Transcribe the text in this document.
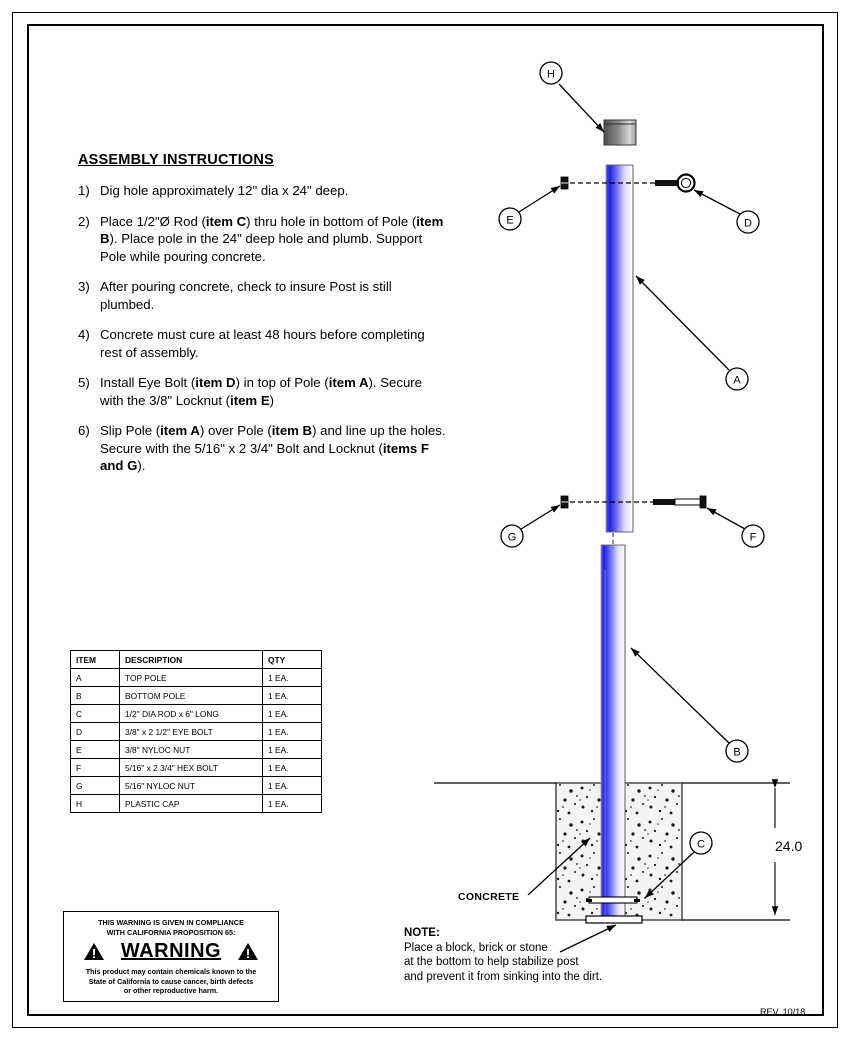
ASSEMBLY INSTRUCTIONS
1) Dig hole approximately 12" dia x 24" deep.
2) Place 1/2"Ø Rod (item C) thru hole in bottom of Pole (item B). Place pole in the 24" deep hole and plumb. Support Pole while pouring concrete.
3) After pouring concrete, check to insure Post is still plumbed.
4) Concrete must cure at least 48 hours before completing rest of assembly.
5) Install Eye Bolt (item D) in top of Pole (item A). Secure with the 3/8" Locknut (item E)
6) Slip Pole (item A) over Pole (item B) and line up the holes. Secure with the 5/16" x 2 3/4" Bolt and Locknut (items F and G).
ITEM	DESCRIPTION	QTY
A	TOP POLE	1 EA.
B	BOTTOM POLE	1 EA.
C	1/2" DIA ROD x 6" LONG	1 EA.
D	3/8" x 2 1/2" EYE BOLT	1 EA.
E	3/8" NYLOC NUT	1 EA.
F	5/16" x 2 3/4" HEX BOLT	1 EA.
G	5/16" NYLOC NUT	1 EA.
H	PLASTIC CAP	1 EA.
THIS WARNING IS GIVEN IN COMPLIANCE
WITH CALIFORNIA PROPOSITION 65:
WARNING
This product may contain chemicals known to the
State of California to cause cancer, birth defects
or other reproductive harm.
NOTE:
Place a block, brick or stone
at the bottom to help stabilize post
and prevent it from sinking into the dirt.
REV. 10/18
CONCRETE
24.0
H
E	D
A
G	F
B
C
